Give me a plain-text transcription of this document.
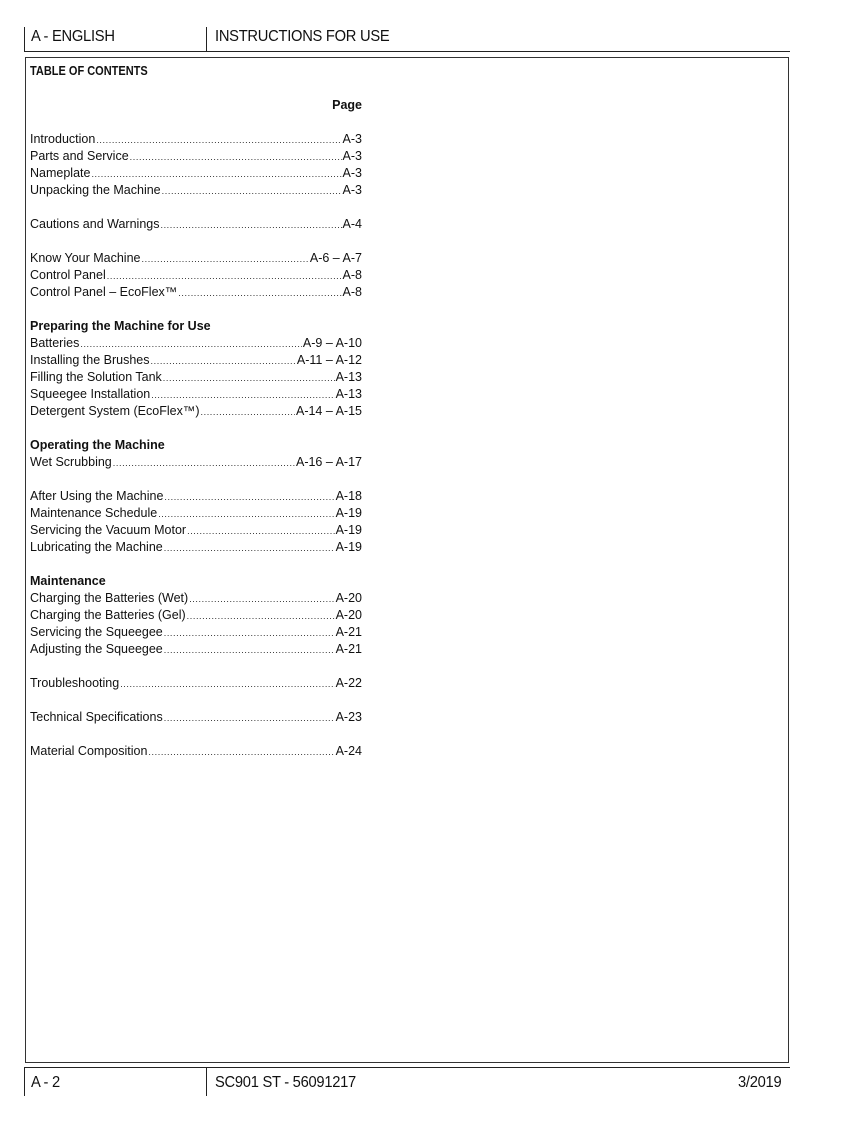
A - ENGLISH	INSTRUCTIONS FOR USE
TABLE OF CONTENTS
Page
Introduction .....	A-3
Parts and Service .....	A-3
Nameplate .....	A-3
Unpacking the Machine .....	A-3
Cautions and Warnings .....	A-4
Know Your Machine .....	A-6 – A-7
Control Panel .....	A-8
Control Panel – EcoFlex™ .....	A-8
Preparing the Machine for Use
Batteries .....	A-9 – A-10
Installing the Brushes .....	A-11 – A-12
Filling the Solution Tank .....	A-13
Squeegee Installation .....	A-13
Detergent System (EcoFlex™) .....	A-14 – A-15
Operating the Machine
Wet Scrubbing .....	A-16 – A-17
After Using the Machine .....	A-18
Maintenance Schedule .....	A-19
Servicing the Vacuum Motor .....	A-19
Lubricating the Machine .....	A-19
Maintenance
Charging the Batteries (Wet) .....	A-20
Charging the Batteries (Gel) .....	A-20
Servicing the Squeegee .....	A-21
Adjusting the Squeegee .....	A-21
Troubleshooting .....	A-22
Technical Specifications .....	A-23
Material Composition .....	A-24
A - 2	SC901 ST - 56091217	3/2019
